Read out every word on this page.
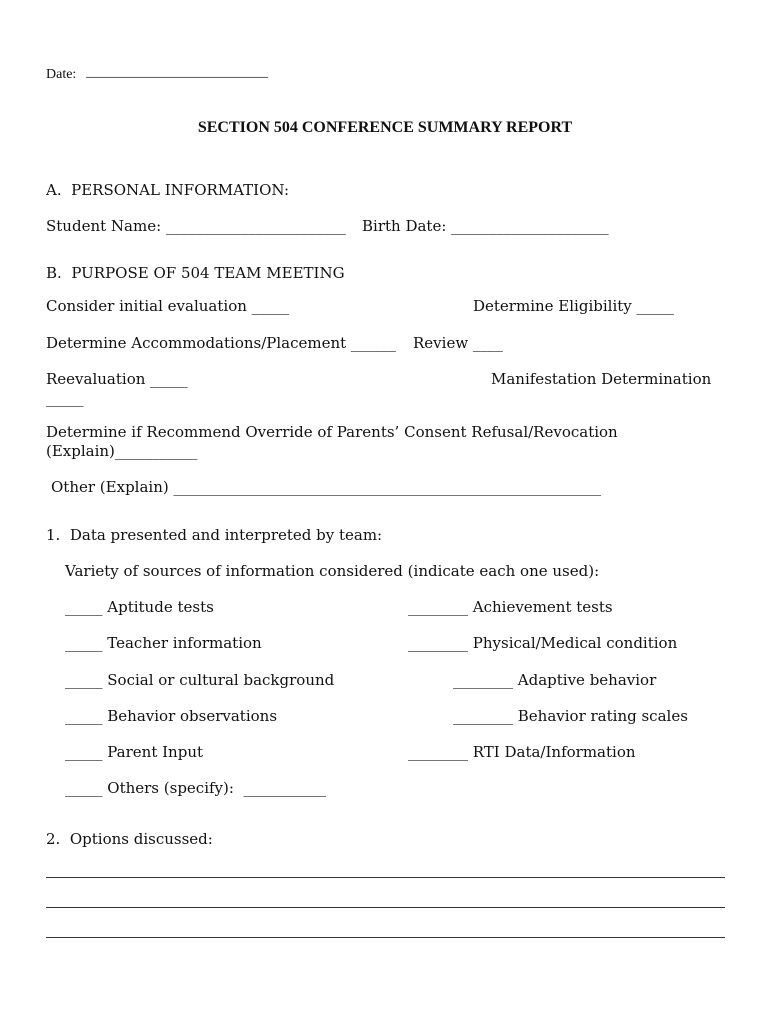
Date: __________________________
SECTION 504 CONFERENCE SUMMARY REPORT
A.  PERSONAL INFORMATION:
Student Name: ________________________ Birth Date: _____________________
B.  PURPOSE OF 504 TEAM MEETING
Consider initial evaluation _____	Determine Eligibility _____
Determine Accommodations/Placement ______ Review ____
Reevaluation _____	Manifestation Determination
_____
Determine if Recommend Override of Parents’ Consent Refusal/Revocation
(Explain)___________
Other (Explain) _________________________________________________________
1.  Data presented and interpreted by team:
Variety of sources of information considered (indicate each one used):
_____ Aptitude tests	________ Achievement tests
_____ Teacher information	________ Physical/Medical condition
_____ Social or cultural background	________ Adaptive behavior
_____ Behavior observations	________ Behavior rating scales
_____ Parent Input	________ RTI Data/Information
_____ Others (specify):  ___________
2.  Options discussed:
